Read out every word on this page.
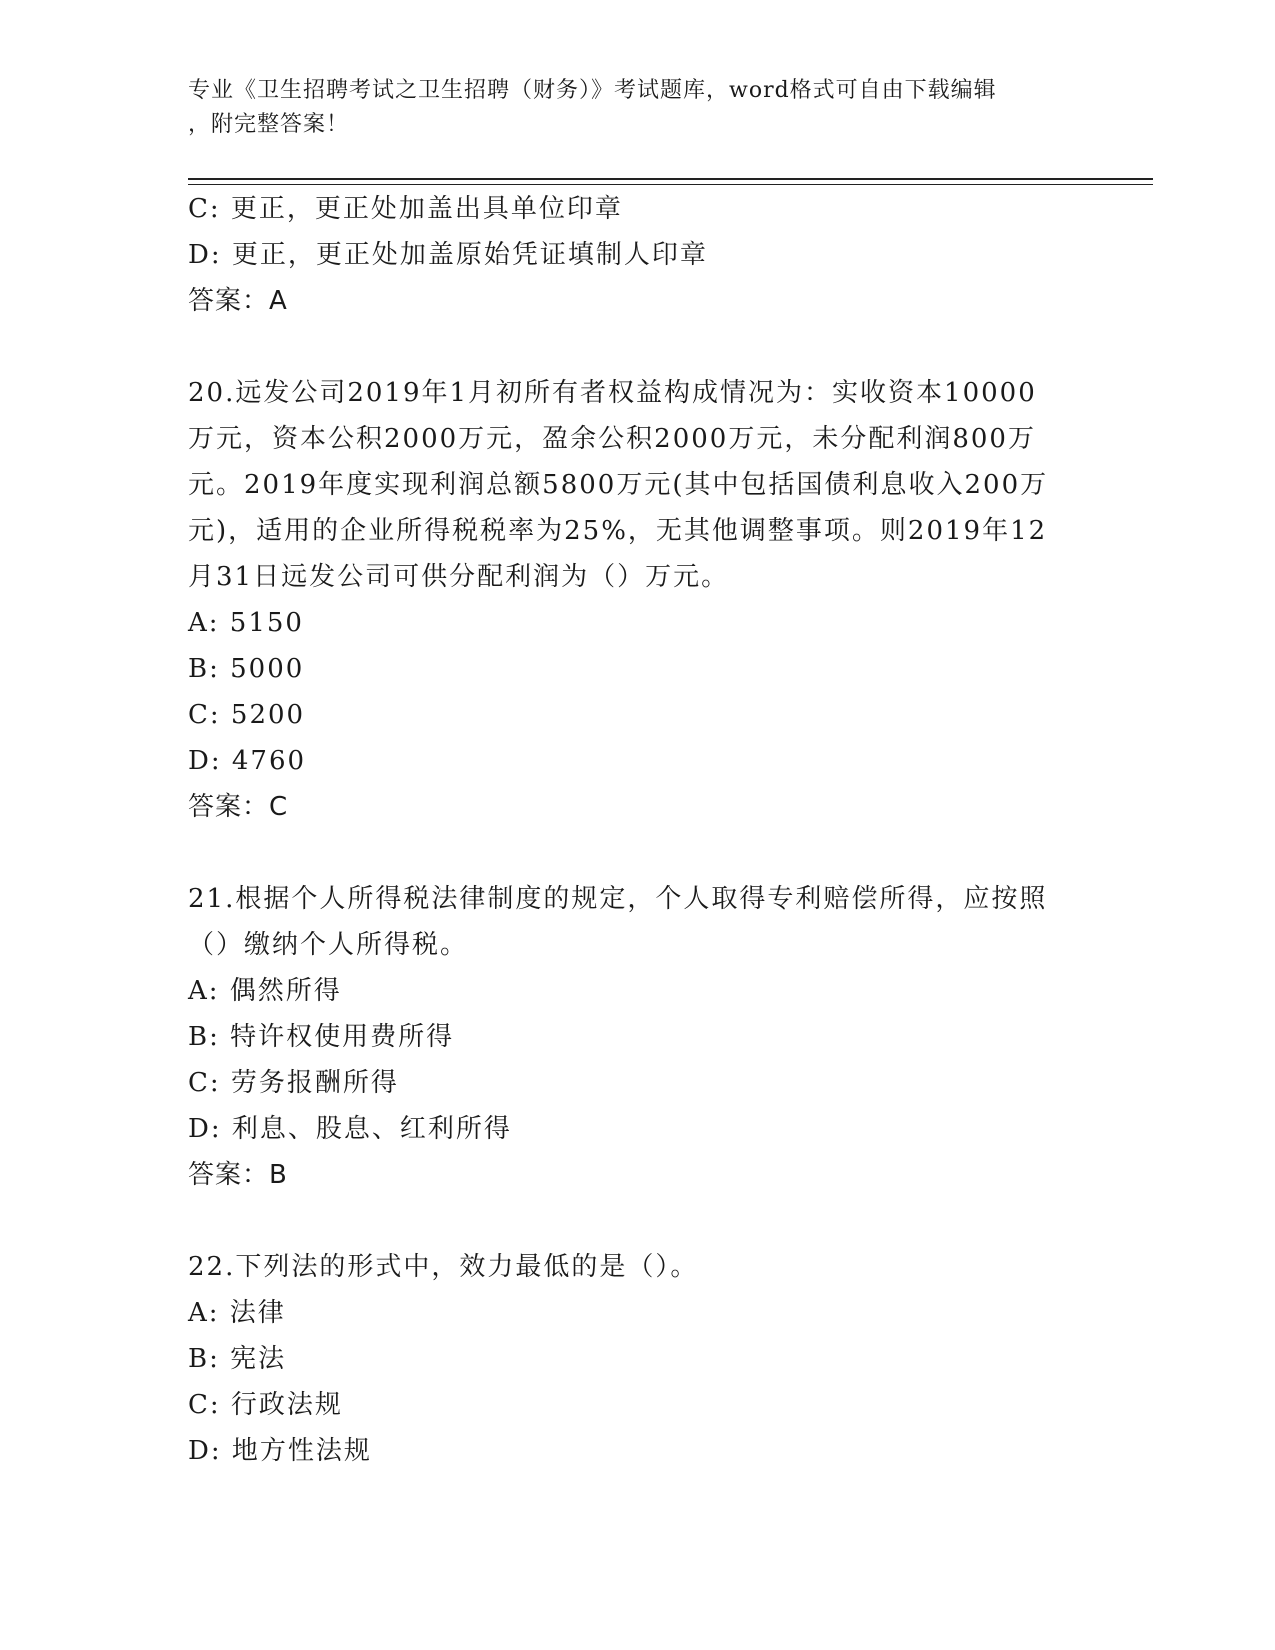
专业《卫生招聘考试之卫生招聘（财务）》考试题库，word格式可自由下载编辑
，附完整答案！
C: 更正，更正处加盖出具单位印章
D: 更正，更正处加盖原始凭证填制人印章
答案：A
20.远发公司2019年1月初所有者权益构成情况为：实收资本10000
万元，资本公积2000万元，盈余公积2000万元，未分配利润800万
元。2019年度实现利润总额5800万元(其中包括国债利息收入200万
元)，适用的企业所得税税率为25%，无其他调整事项。则2019年12
月31日远发公司可供分配利润为（）万元。
A: 5150
B: 5000
C: 5200
D: 4760
答案：C
21.根据个人所得税法律制度的规定，个人取得专利赔偿所得，应按照
（）缴纳个人所得税。
A: 偶然所得
B: 特许权使用费所得
C: 劳务报酬所得
D: 利息、股息、红利所得
答案：B
22.下列法的形式中，效力最低的是（）。
A: 法律
B: 宪法
C: 行政法规
D: 地方性法规
